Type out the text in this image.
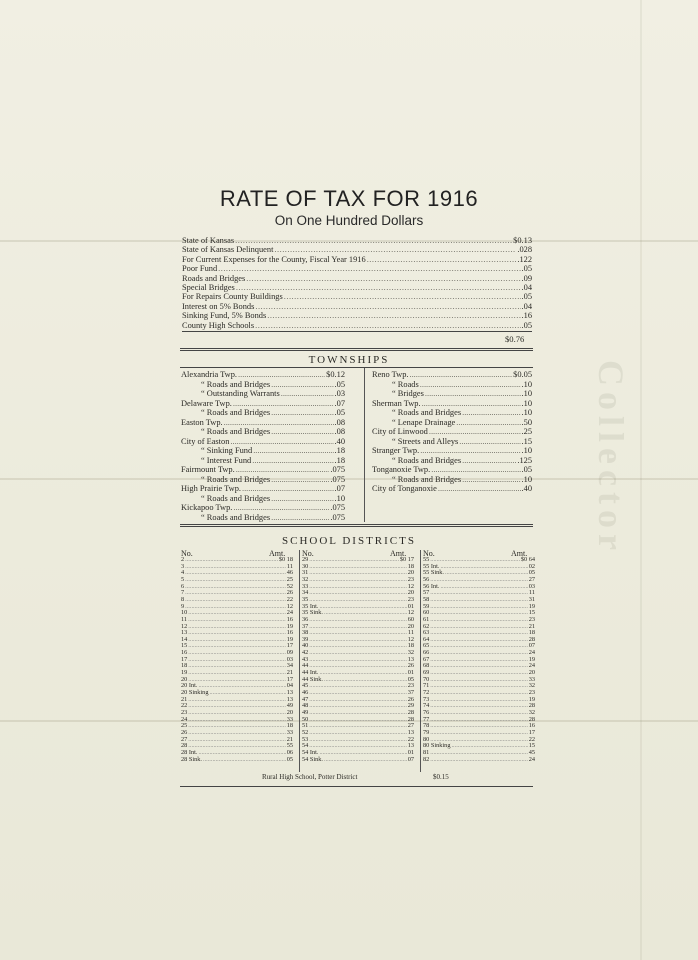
Collector
RATE OF TAX FOR 1916
On One Hundred Dollars
State of Kansas .....	$0.13
State of Kansas Delinquent .....	.028
For Current Expenses for the County, Fiscal Year 1916 .....	.122
Poor Fund .....	.05
Roads and Bridges .....	.09
Special Bridges .....	.04
For Repairs County Buildings .....	.05
Interest on 5% Bonds .....	.04
Sinking Fund, 5% Bonds .....	.16
County High Schools .....	.05
$0.76
TOWNSHIPS
Alexandria Twp. .....	$0.12
“ Roads and Bridges .....	.05
“ Outstanding Warrants .....	.03
Delaware Twp. .....	.07
“ Roads and Bridges .....	.05
Easton Twp. .....	.08
“ Roads and Bridges .....	.08
City of Easton .....	.40
“ Sinking Fund .....	.18
“ Interest Fund .....	.18
Fairmount Twp. .....	.075
“ Roads and Bridges .....	.075
High Prairie Twp. .....	.07
“ Roads and Bridges .....	.10
Kickapoo Twp. .....	.075
“ Roads and Bridges .....	.075
Reno Twp. .....	$0.05
“ Roads .....	.10
“ Bridges .....	.10
Sherman Twp. .....	.10
“ Roads and Bridges .....	.10
“ Lenape Drainage .....	.50
City of Linwood .....	.25
“ Streets and Alleys .....	.15
Stranger Twp. .....	.10
“ Roads and Bridges .....	.125
Tonganoxie Twp. .....	.05
“ Roads and Bridges .....	.10
City of Tonganoxie .....	.40
SCHOOL DISTRICTS
No.	Amt.
2 .....	$0 18
3 .....	11
4 .....	46
5 .....	25
6 .....	52
7 .....	26
8 .....	22
9 .....	12
10 .....	24
11 .....	16
12 .....	19
13 .....	16
14 .....	19
15 .....	17
16 .....	09
17 .....	03
18 .....	34
19 .....	21
20 .....	17
20 Int. .....	04
20 Sinking .....	13
21 .....	13
22 .....	49
23 .....	20
24 .....	33
25 .....	18
26 .....	33
27 .....	21
28 .....	55
28 Int. .....	06
28 Sink. .....	05
No.	Amt.
29 .....	$0 17
30 .....	18
31 .....	20
32 .....	23
33 .....	12
34 .....	20
35 .....	23
35 Int. .....	01
35 Sink. .....	12
36 .....	60
37 .....	20
38 .....	11
39 .....	12
40 .....	18
42 .....	32
43 .....	13
44 .....	26
44 Int. .....	01
44 Sink. .....	05
45 .....	23
46 .....	37
47 .....	26
48 .....	29
49 .....	28
50 .....	28
51 .....	27
52 .....	13
53 .....	22
54 .....	13
54 Int. .....	01
54 Sink. .....	07
No.	Amt.
55 .....	$0 64
55 Int. .....	02
55 Sink. .....	05
56 .....	27
56 Int. .....	03
57 .....	11
58 .....	31
59 .....	19
60 .....	15
61 .....	23
62 .....	21
63 .....	18
64 .....	28
65 .....	07
66 .....	24
67 .....	19
68 .....	24
69 .....	20
70 .....	33
71 .....	32
72 .....	23
73 .....	19
74 .....	28
76 .....	32
77 .....	28
78 .....	16
79 .....	17
80 .....	22
80 Sinking .....	15
81 .....	45
82 .....	24
Rural High School, Potter District	$0.15
